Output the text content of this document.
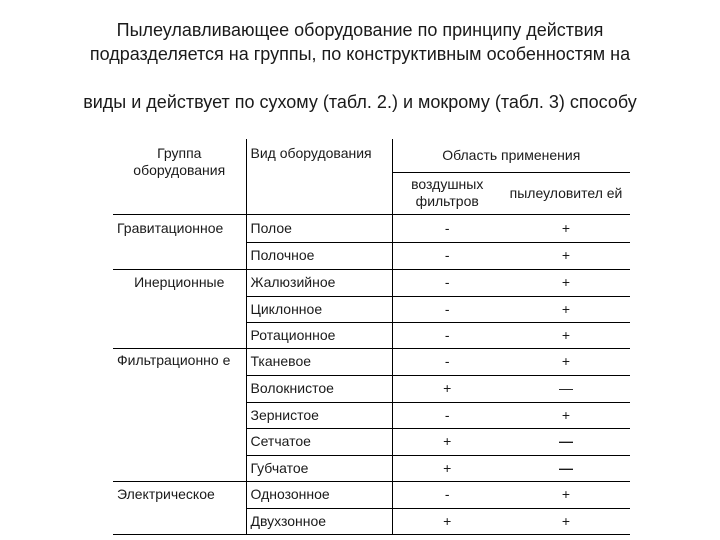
Пылеулавливающее оборудование по принципу действия

подразделяется на группы, по конструктивным особенностям на

виды и действует по сухому (табл. 2.) и мокрому (табл. 3) способу

Группа оборудования	Вид оборудования	Область применения	
		воздушных фильтров	пылеуловител ей
Гравитационное	Полое	-	+
	Полочное	-	+
Инерционные	Жалюзийное	-	+
	Циклонное	-	+
	Ротационное	-	+
Фильтрационно е	Тканевое	-	+
	Волокнистое	+	—
	Зернистое	-	+
	Сетчатое	+	—
	Губчатое	+	—
Электрическое	Однозонное	-	+
	Двухзонное	+	+
